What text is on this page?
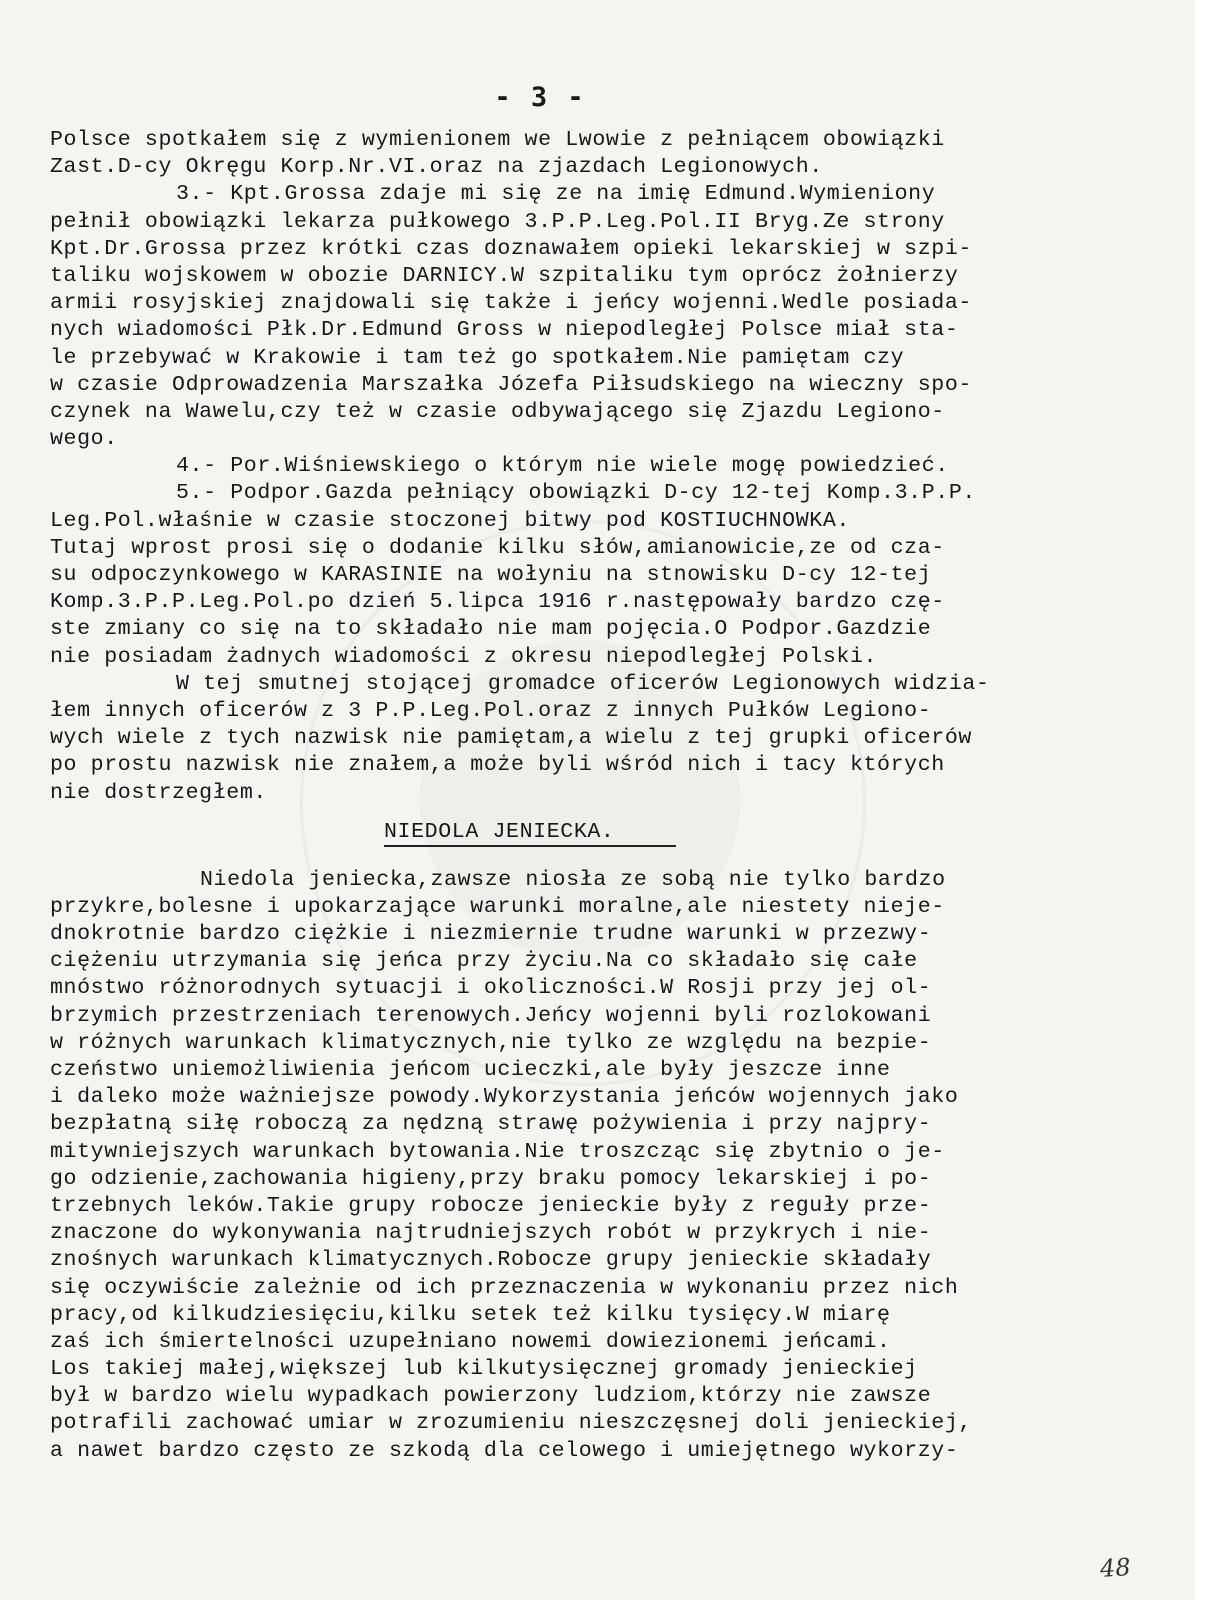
- 3 -
Polsce spotkałem się z wymienionem we Lwowie z pełniącem obowiązki
Zast.D-cy Okręgu Korp.Nr.VI.oraz na zjazdach Legionowych.
3.- Kpt.Grossa zdaje mi się ze na imię Edmund.Wymieniony
pełnił obowiązki lekarza pułkowego 3.P.P.Leg.Pol.II Bryg.Ze strony
Kpt.Dr.Grossa przez krótki czas doznawałem opieki lekarskiej w szpi-
taliku wojskowem w obozie DARNICY.W szpitaliku tym oprócz żołnierzy
armii rosyjskiej znajdowali się także i jeńcy wojenni.Wedle posiada-
nych wiadomości Płk.Dr.Edmund Gross w niepodległej Polsce miał sta-
le przebywać w Krakowie i tam też go spotkałem.Nie pamiętam czy
w czasie Odprowadzenia Marszałka Józefa Piłsudskiego na wieczny spo-
czynek na Wawelu,czy też w czasie odbywającego się Zjazdu Legiono-
wego.
4.- Por.Wiśniewskiego o którym nie wiele mogę powiedzieć.
5.- Podpor.Gazda pełniący obowiązki D-cy 12-tej Komp.3.P.P.
Leg.Pol.właśnie w czasie stoczonej bitwy pod KOSTIUCHNOWKA.
Tutaj wprost prosi się o dodanie kilku słów,amianowicie,ze od cza-
su odpoczynkowego w KARASINIE na wołyniu na stnowisku D-cy 12-tej
Komp.3.P.P.Leg.Pol.po dzień 5.lipca 1916 r.następowały bardzo czę-
ste zmiany co się na to składało nie mam pojęcia.O Podpor.Gazdzie
nie posiadam żadnych wiadomości z okresu niepodległej Polski.
W tej smutnej stojącej gromadce oficerów Legionowych widzia-
łem innych oficerów z 3 P.P.Leg.Pol.oraz z innych Pułków Legiono-
wych wiele z tych nazwisk nie pamiętam,a wielu z tej grupki oficerów
po prostu nazwisk nie znałem,a może byli wśród nich i tacy których
nie dostrzegłem.
NIEDOLA JENIECKA.
Niedola jeniecka,zawsze niosła ze sobą nie tylko bardzo
przykre,bolesne i upokarzające warunki moralne,ale niestety nieje-
dnokrotnie bardzo ciężkie i niezmiernie trudne warunki w przezwy-
ciężeniu utrzymania się jeńca przy życiu.Na co składało się całe
mnóstwo różnorodnych sytuacji i okoliczności.W Rosji przy jej ol-
brzymich przestrzeniach terenowych.Jeńcy wojenni byli rozlokowani
w różnych warunkach klimatycznych,nie tylko ze względu na bezpie-
czeństwo uniemożliwienia jeńcom ucieczki,ale były jeszcze inne
i daleko może ważniejsze powody.Wykorzystania jeńców wojennych jako
bezpłatną siłę roboczą za nędzną strawę pożywienia i przy najpry-
mitywniejszych warunkach bytowania.Nie troszcząc się zbytnio o je-
go odzienie,zachowania higieny,przy braku pomocy lekarskiej i po-
trzebnych leków.Takie grupy robocze jenieckie były z reguły prze-
znaczone do wykonywania najtrudniejszych robót w przykrych i nie-
znośnych warunkach klimatycznych.Robocze grupy jenieckie składały
się oczywiście zależnie od ich przeznaczenia w wykonaniu przez nich
pracy,od kilkudziesięciu,kilku setek też kilku tysięcy.W miarę
zaś ich śmiertelności uzupełniano nowemi dowiezionemi jeńcami.
Los takiej małej,większej lub kilkutysięcznej gromady jenieckiej
był w bardzo wielu wypadkach powierzony ludziom,którzy nie zawsze
potrafili zachować umiar w zrozumieniu nieszczęsnej doli jenieckiej,
a nawet bardzo często ze szkodą dla celowego i umiejętnego wykorzy-
48
